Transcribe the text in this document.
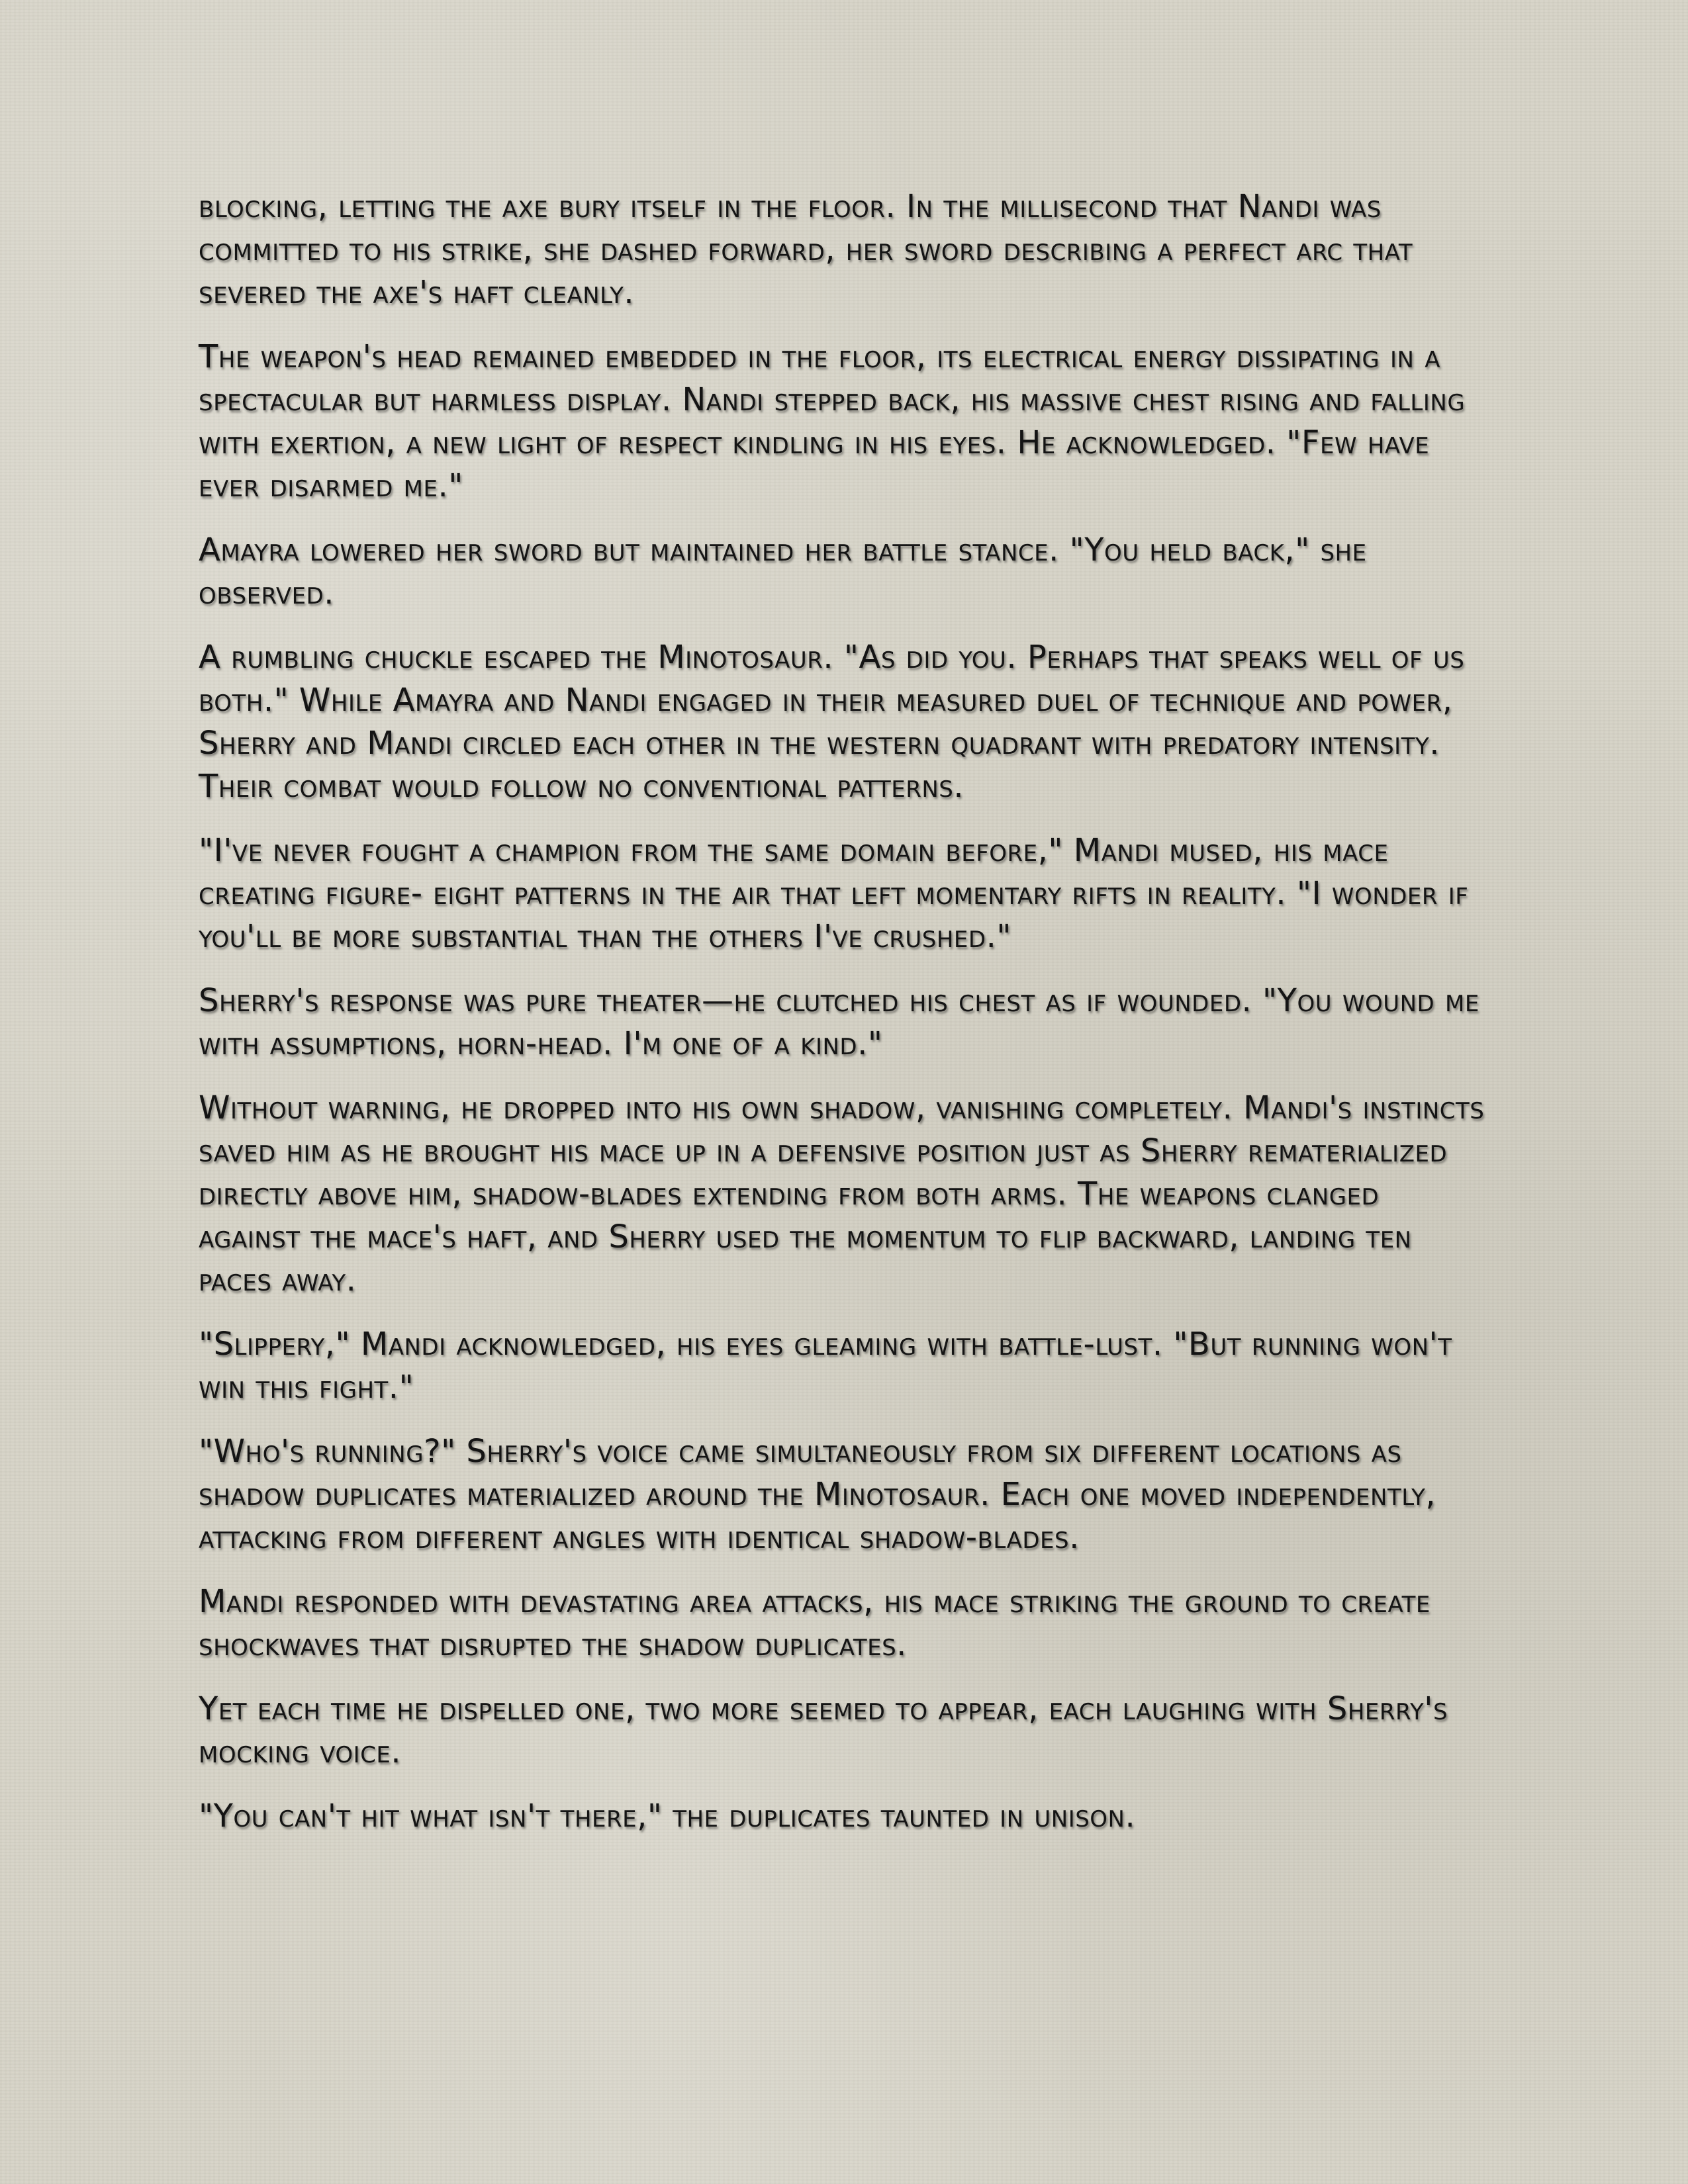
blocking, letting the axe bury itself in the floor. In the millisecond that Nandi was committed to his strike, she dashed forward, her sword describing a perfect arc that severed the axe's haft cleanly.

The weapon's head remained embedded in the floor, its electrical energy dissipating in a spectacular but harmless display. Nandi stepped back, his massive chest rising and falling with exertion, a new light of respect kindling in his eyes. He acknowledged. "Few have ever disarmed me."

Amayra lowered her sword but maintained her battle stance. "You held back," she observed.

A rumbling chuckle escaped the Minotosaur. "As did you. Perhaps that speaks well of us both." While Amayra and Nandi engaged in their measured duel of technique and power, Sherry and Mandi circled each other in the western quadrant with predatory intensity. Their combat would follow no conventional patterns.

"I've never fought a champion from the same domain before," Mandi mused, his mace creating figure- eight patterns in the air that left momentary rifts in reality. "I wonder if you'll be more substantial than the others I've crushed."

Sherry's response was pure theater—he clutched his chest as if wounded. "You wound me with assumptions, horn-head. I'm one of a kind."

Without warning, he dropped into his own shadow, vanishing completely. Mandi's instincts saved him as he brought his mace up in a defensive position just as Sherry rematerialized directly above him, shadow-blades extending from both arms. The weapons clanged against the mace's haft, and Sherry used the momentum to flip backward, landing ten paces away.

"Slippery," Mandi acknowledged, his eyes gleaming with battle-lust. "But running won't win this fight."

"Who's running?" Sherry's voice came simultaneously from six different locations as shadow duplicates materialized around the Minotosaur. Each one moved independently, attacking from different angles with identical shadow-blades.

Mandi responded with devastating area attacks, his mace striking the ground to create shockwaves that disrupted the shadow duplicates.

Yet each time he dispelled one, two more seemed to appear, each laughing with Sherry's mocking voice.

"You can't hit what isn't there," the duplicates taunted in unison.
